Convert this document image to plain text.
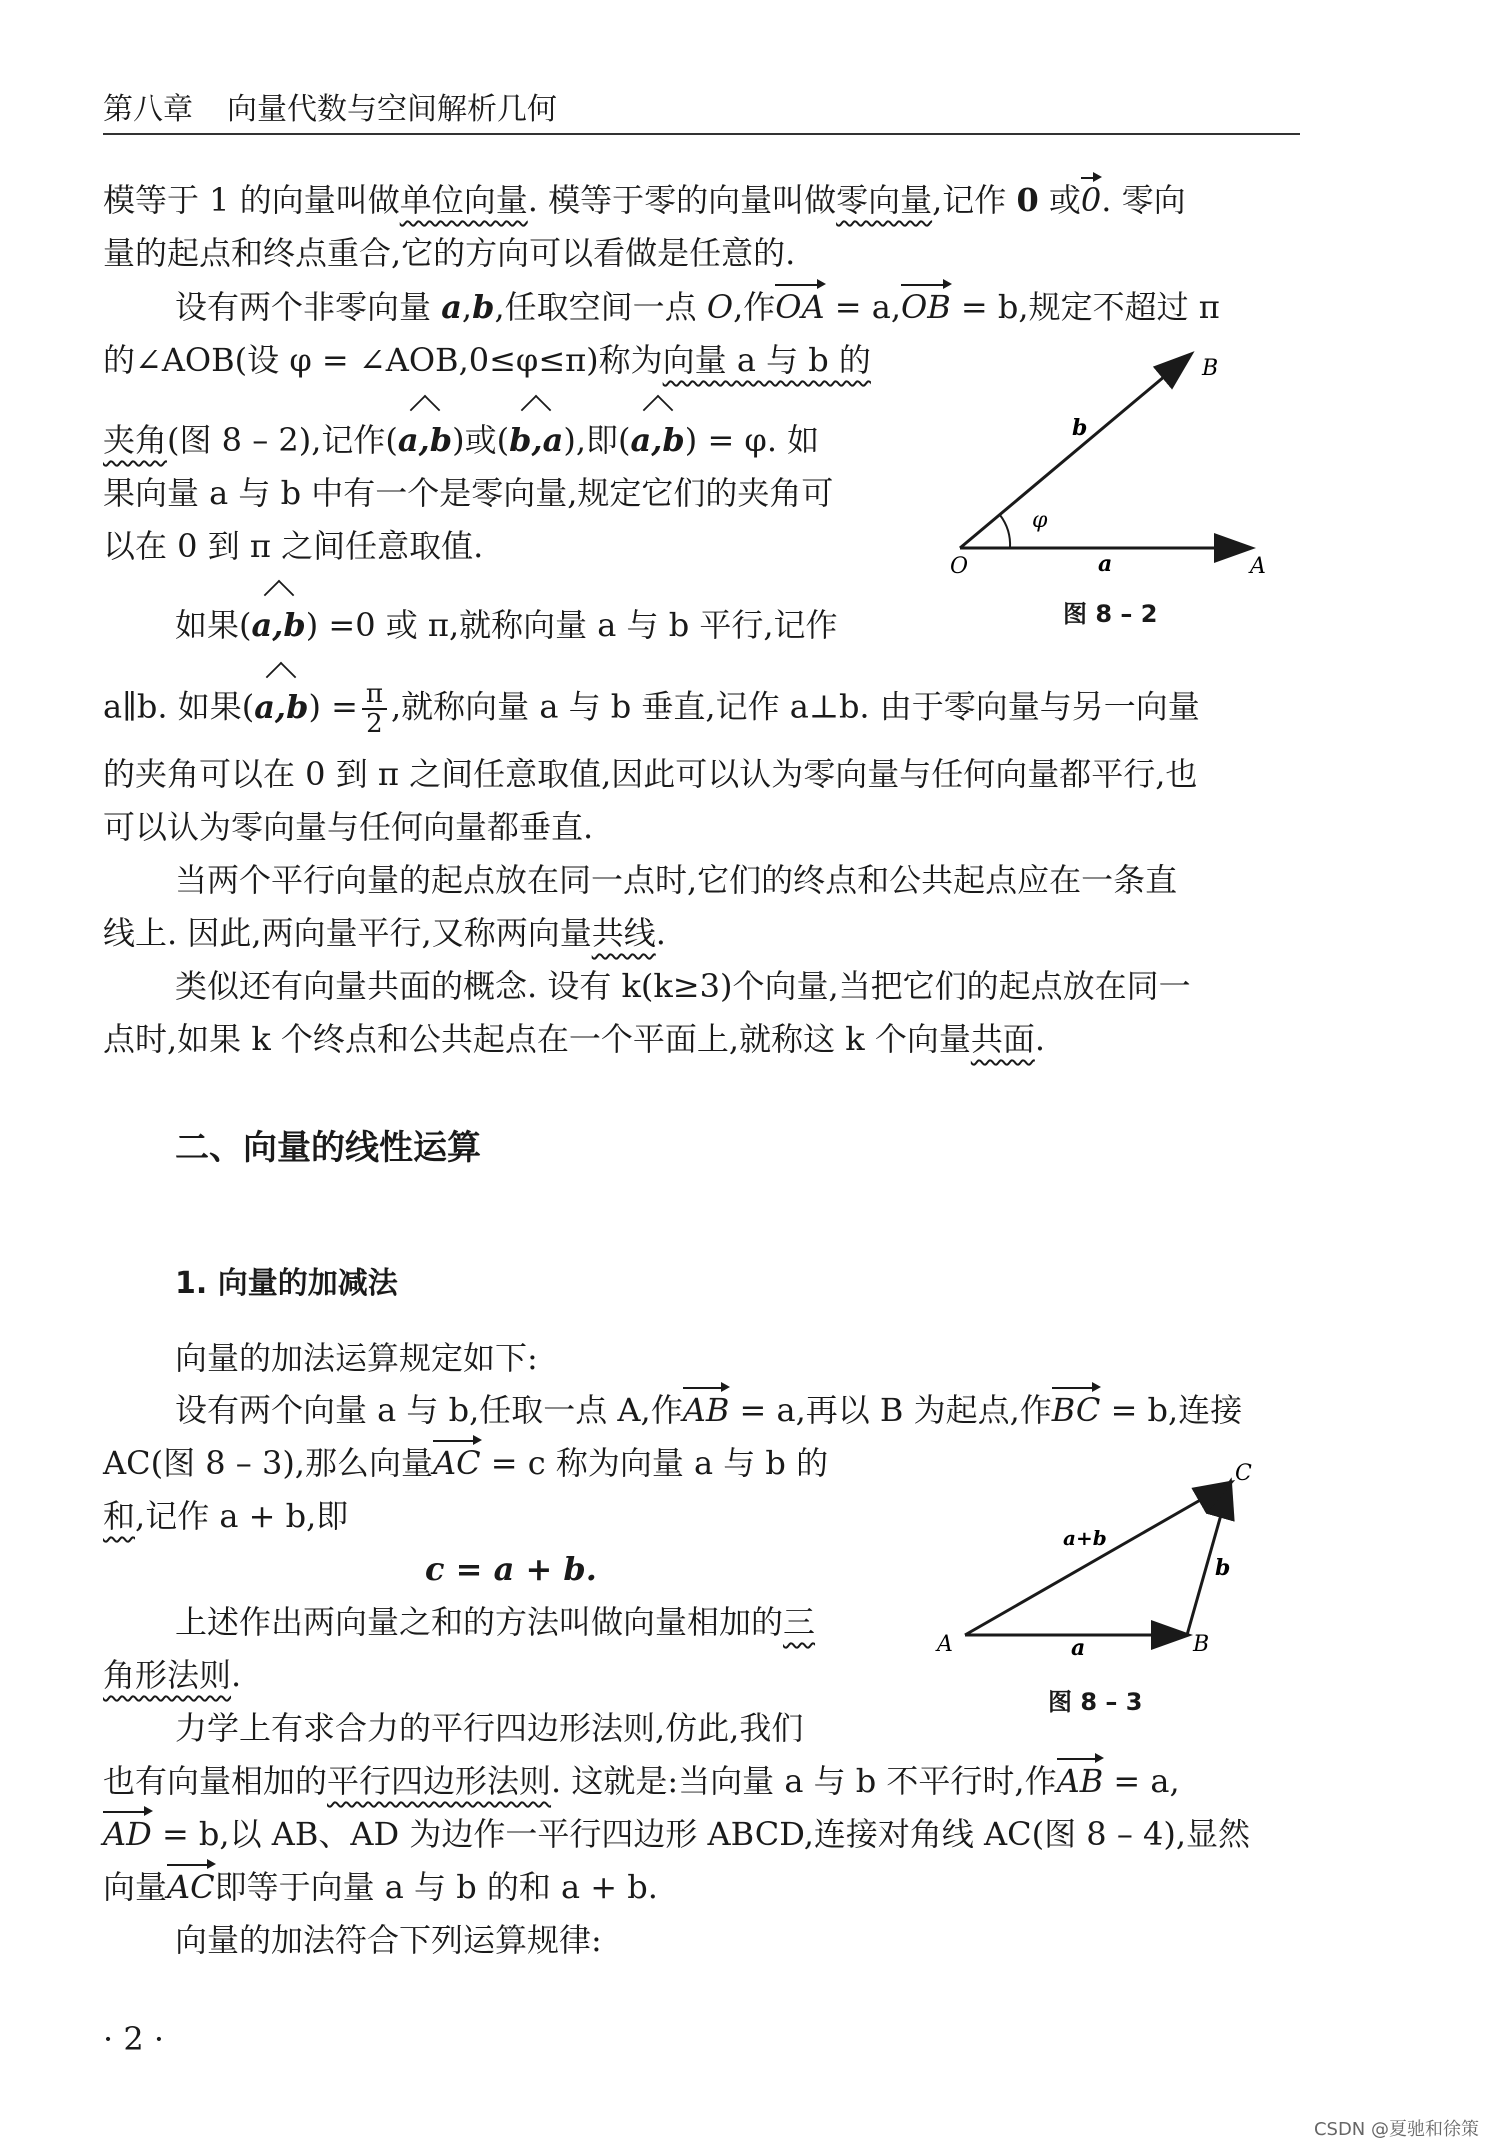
第八章 向量代数与空间解析几何
模等于 1 的向量叫做单位向量. 模等于零的向量叫做零向量,记作 0 或0. 零向
量的起点和终点重合,它的方向可以看做是任意的.
设有两个非零向量 a,b,任取空间一点 O,作OA = a,OB = b,规定不超过 π
的∠AOB(设 φ = ∠AOB,0≤φ≤π)称为向量 a 与 b 的
夹角(图 8 – 2),记作(a,b)或(b,a),即(a,b) = φ. 如
果向量 a 与 b 中有一个是零向量,规定它们的夹角可
以在 0 到 π 之间任意取值.
B
b
φ
O	a	A
图 8 – 2
如果(a,b) =0 或 π,就称向量 a 与 b 平行,记作
a∥b. 如果$(a,b) = \frac{\pi}{2}$ ,就称向量 a 与 b 垂直,记作 a⊥b. 由于零向量与另一向量
的夹角可以在 0 到 π 之间任意取值,因此可以认为零向量与任何向量都平行,也
可以认为零向量与任何向量都垂直.
当两个平行向量的起点放在同一点时,它们的终点和公共起点应在一条直
线上. 因此,两向量平行,又称两向量共线.
类似还有向量共面的概念. 设有 k(k≥3)个向量,当把它们的起点放在同一
点时,如果 k 个终点和公共起点在一个平面上,就称这 k 个向量共面.
二、向量的线性运算
1. 向量的加减法
向量的加法运算规定如下:
设有两个向量 a 与 b,任取一点 A,作AB = a,再以 B 为起点,作BC = b,连接
AC(图 8 – 3),那么向量AC = c 称为向量 a 与 b 的
和,记作 a + b,即
c = a + b.
C
a+b
b
A	a	B
图 8 – 3
上述作出两向量之和的方法叫做向量相加的三
角形法则.
力学上有求合力的平行四边形法则,仿此,我们
也有向量相加的平行四边形法则. 这就是:当向量 a 与 b 不平行时,作AB = a,
AD = b,以 AB、AD 为边作一平行四边形 ABCD,连接对角线 AC(图 8 – 4),显然
向量AC即等于向量 a 与 b 的和 a + b.
向量的加法符合下列运算规律:
· 2 ·
CSDN @夏驰和徐策
